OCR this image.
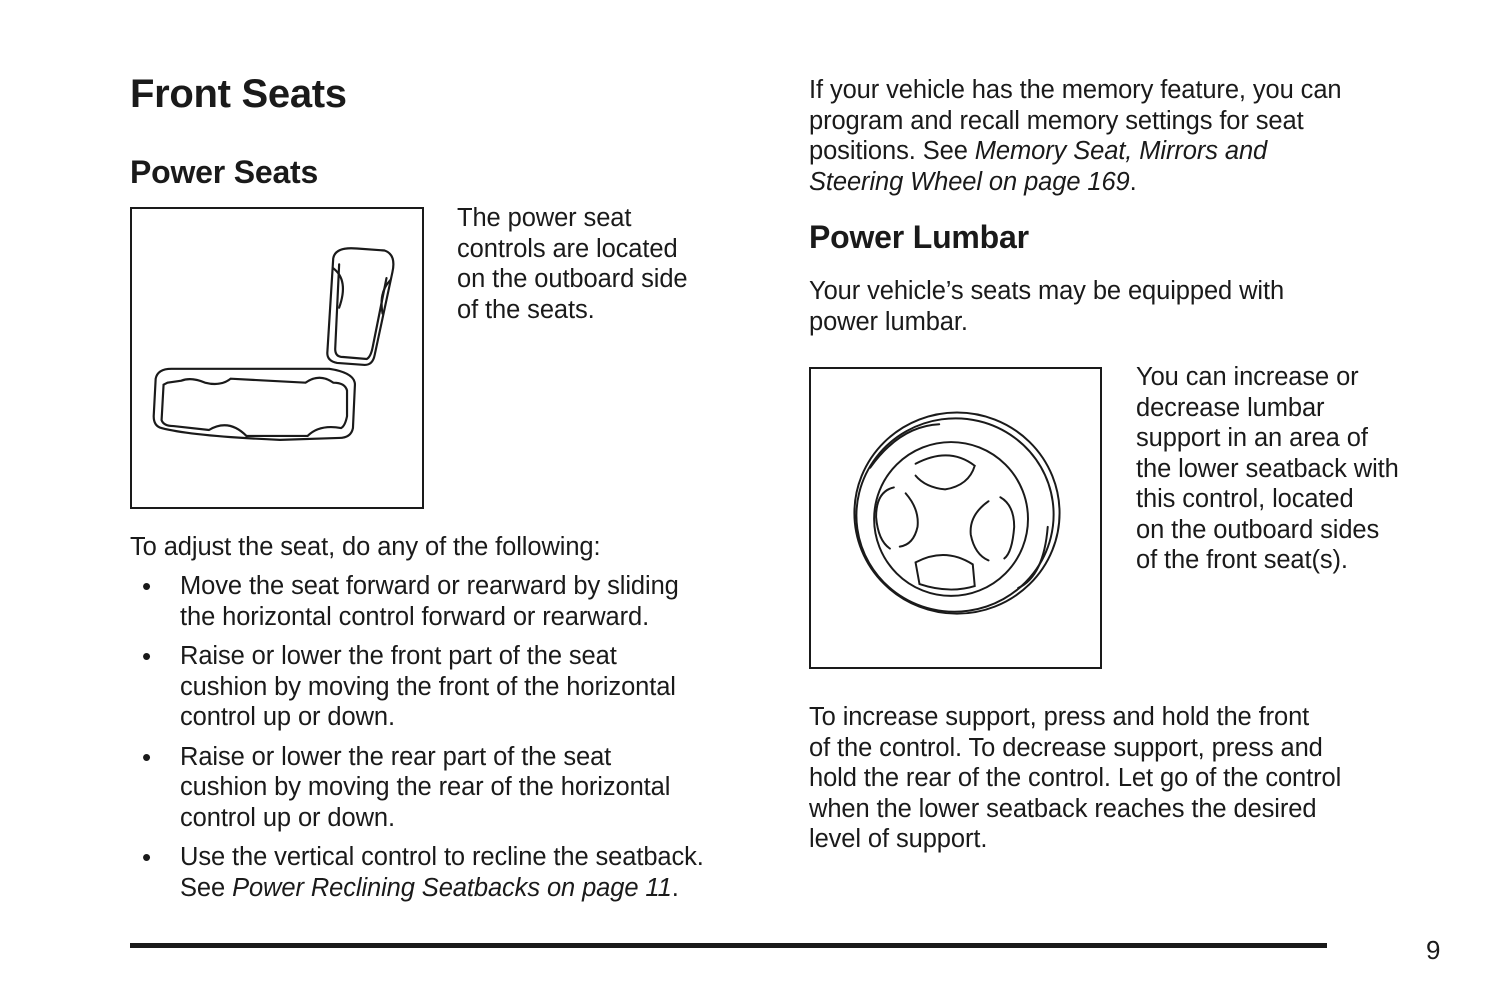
Front Seats
Power Seats
The power seat
controls are located
on the outboard side
of the seats.
To adjust the seat, do any of the following:
• Move the seat forward or rearward by sliding
the horizontal control forward or rearward.
• Raise or lower the front part of the seat
cushion by moving the front of the horizontal
control up or down.
• Raise or lower the rear part of the seat
cushion by moving the rear of the horizontal
control up or down.
• Use the vertical control to recline the seatback.
See Power Reclining Seatbacks on page 11.
If your vehicle has the memory feature, you can
program and recall memory settings for seat
positions. See Memory Seat, Mirrors and
Steering Wheel on page 169.
Power Lumbar
Your vehicle’s seats may be equipped with
power lumbar.
You can increase or
decrease lumbar
support in an area of
the lower seatback with
this control, located
on the outboard sides
of the front seat(s).
To increase support, press and hold the front
of the control. To decrease support, press and
hold the rear of the control. Let go of the control
when the lower seatback reaches the desired
level of support.
9
